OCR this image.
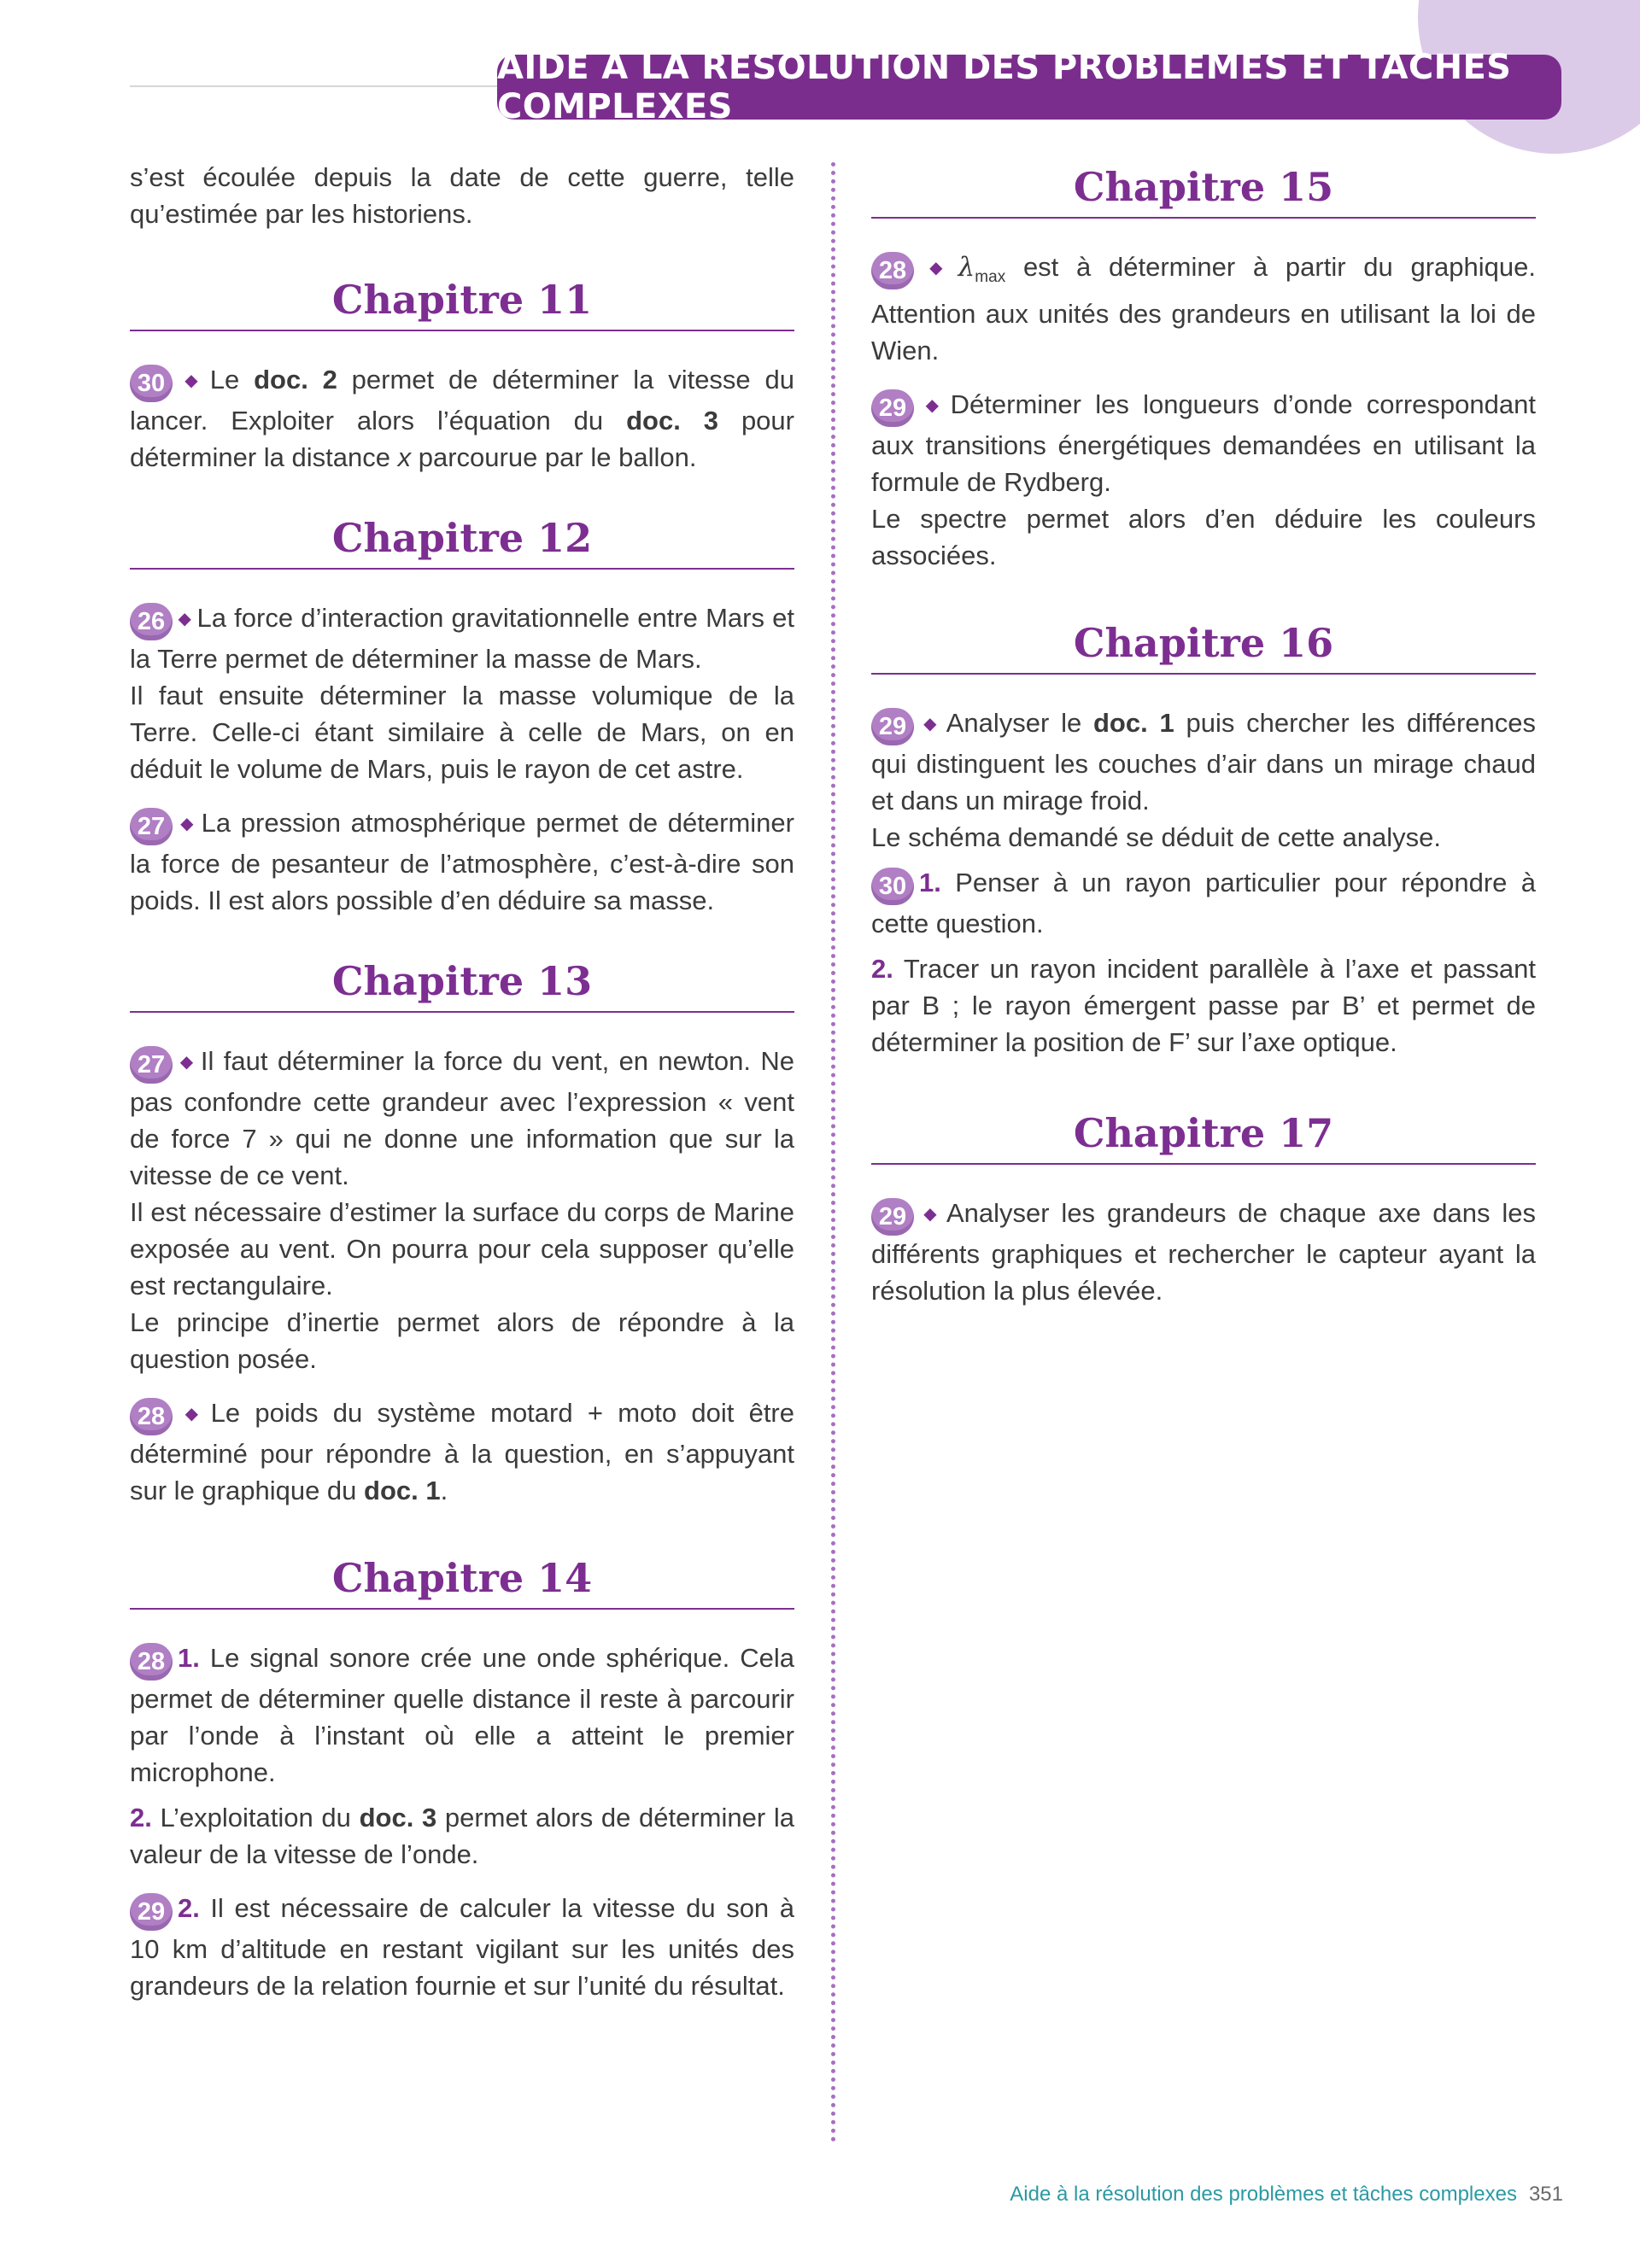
AIDE À LA RÉSOLUTION DES PROBLÈMES ET TÂCHES COMPLEXES

s’est écoulée depuis la date de cette guerre, telle qu’estimée par les historiens.

Chapitre 11

30 ◆ Le doc. 2 permet de déterminer la vitesse du lancer. Exploiter alors l’équation du doc. 3 pour déterminer la distance x parcourue par le ballon.

Chapitre 12

26 ◆ La force d’interaction gravitationnelle entre Mars et la Terre permet de déterminer la masse de Mars.

Il faut ensuite déterminer la masse volumique de la Terre. Celle-ci étant similaire à celle de Mars, on en déduit le volume de Mars, puis le rayon de cet astre.

27 ◆ La pression atmosphérique permet de déterminer la force de pesanteur de l’atmosphère, c’est-à-dire son poids. Il est alors possible d’en déduire sa masse.

Chapitre 13

27 ◆ Il faut déterminer la force du vent, en newton. Ne pas confondre cette grandeur avec l’expression « vent de force 7 » qui ne donne une information que sur la vitesse de ce vent.

Il est nécessaire d’estimer la surface du corps de Marine exposée au vent. On pourra pour cela supposer qu’elle est rectangulaire.

Le principe d’inertie permet alors de répondre à la question posée.

28 ◆ Le poids du système motard + moto doit être déterminé pour répondre à la question, en s’appuyant sur le graphique du doc. 1.

Chapitre 14

28 1. Le signal sonore crée une onde sphérique. Cela permet de déterminer quelle distance il reste à parcourir par l’onde à l’instant où elle a atteint le premier microphone.

2. L’exploitation du doc. 3 permet alors de déterminer la valeur de la vitesse de l’onde.

29 2. Il est nécessaire de calculer la vitesse du son à 10 km d’altitude en restant vigilant sur les unités des grandeurs de la relation fournie et sur l’unité du résultat.

Chapitre 15

28 ◆ $\lambda_{max}$ est à déterminer à partir du graphique. Attention aux unités des grandeurs en utilisant la loi de Wien.

29 ◆ Déterminer les longueurs d’onde correspondant aux transitions énergétiques demandées en utilisant la formule de Rydberg.

Le spectre permet alors d’en déduire les couleurs associées.

Chapitre 16

29 ◆ Analyser le doc. 1 puis chercher les différences qui distinguent les couches d’air dans un mirage chaud et dans un mirage froid.

Le schéma demandé se déduit de cette analyse.

30 1. Penser à un rayon particulier pour répondre à cette question.

2. Tracer un rayon incident parallèle à l’axe et passant par B ; le rayon émergent passe par B’ et permet de déterminer la position de F’ sur l’axe optique.

Chapitre 17

29 ◆ Analyser les grandeurs de chaque axe dans les différents graphiques et rechercher le capteur ayant la résolution la plus élevée.

Aide à la résolution des problèmes et tâches complexes 351
